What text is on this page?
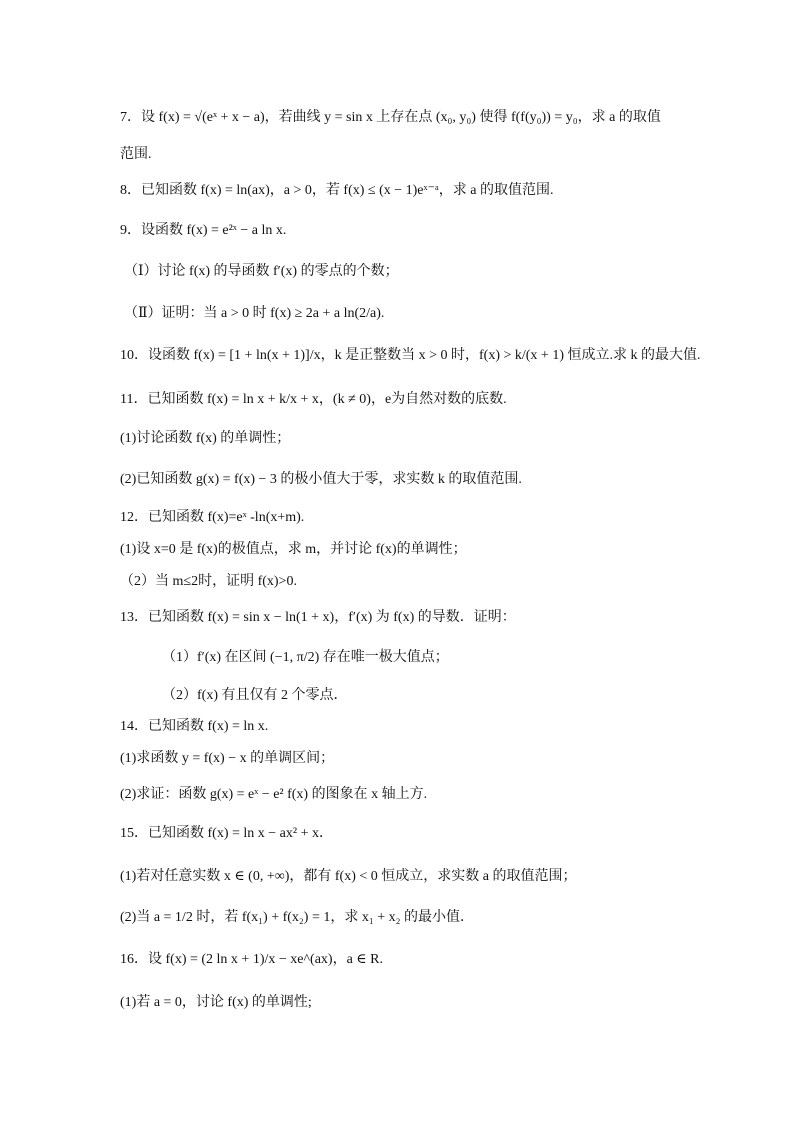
7．设 f(x) = √(eˣ + x − a)，若曲线 y = sin x 上存在点 (x₀, y₀) 使得 f(f(y₀)) = y₀，求 a 的取值
范围.
8．已知函数 f(x) = ln(ax)，a > 0，若 f(x) ≤ (x − 1)eˣ⁻ᵃ，求 a 的取值范围.
9．设函数 f(x) = e²ˣ − a ln x.
（Ⅰ）讨论 f(x) 的导函数 f′(x) 的零点的个数；
（Ⅱ）证明：当 a > 0 时 f(x) ≥ 2a + a ln(2/a).
10．设函数 f(x) = [1 + ln(x + 1)]/x，k 是正整数当 x > 0 时，f(x) > k/(x + 1) 恒成立.求 k 的最大值.
11．已知函数 f(x) = ln x + k/x + x，(k ≠ 0)，e为自然对数的底数.
(1)讨论函数 f(x) 的单调性；
(2)已知函数 g(x) = f(x) − 3 的极小值大于零，求实数 k 的取值范围.
12．已知函数 f(x)=eˣ -ln(x+m).
(1)设 x=0 是 f(x)的极值点，求 m，并讨论 f(x)的单调性；
（2）当 m≤2时，证明 f(x)>0.
13．已知函数 f(x) = sin x − ln(1 + x)，f′(x) 为 f(x) 的导数．证明：
（1）f′(x) 在区间 (−1, π/2) 存在唯一极大值点；
（2）f(x) 有且仅有 2 个零点．
14．已知函数 f(x) = ln x.
(1)求函数 y = f(x) − x 的单调区间；
(2)求证：函数 g(x) = eˣ − e² f(x) 的图象在 x 轴上方.
15．已知函数 f(x) = ln x − ax² + x．
(1)若对任意实数 x ∈ (0, +∞)，都有 f(x) < 0 恒成立，求实数 a 的取值范围；
(2)当 a = 1/2 时，若 f(x₁) + f(x₂) = 1，求 x₁ + x₂ 的最小值．
16．设 f(x) = (2 ln x + 1)/x − xe^(ax)，a ∈ R.
(1)若 a = 0，讨论 f(x) 的单调性;
